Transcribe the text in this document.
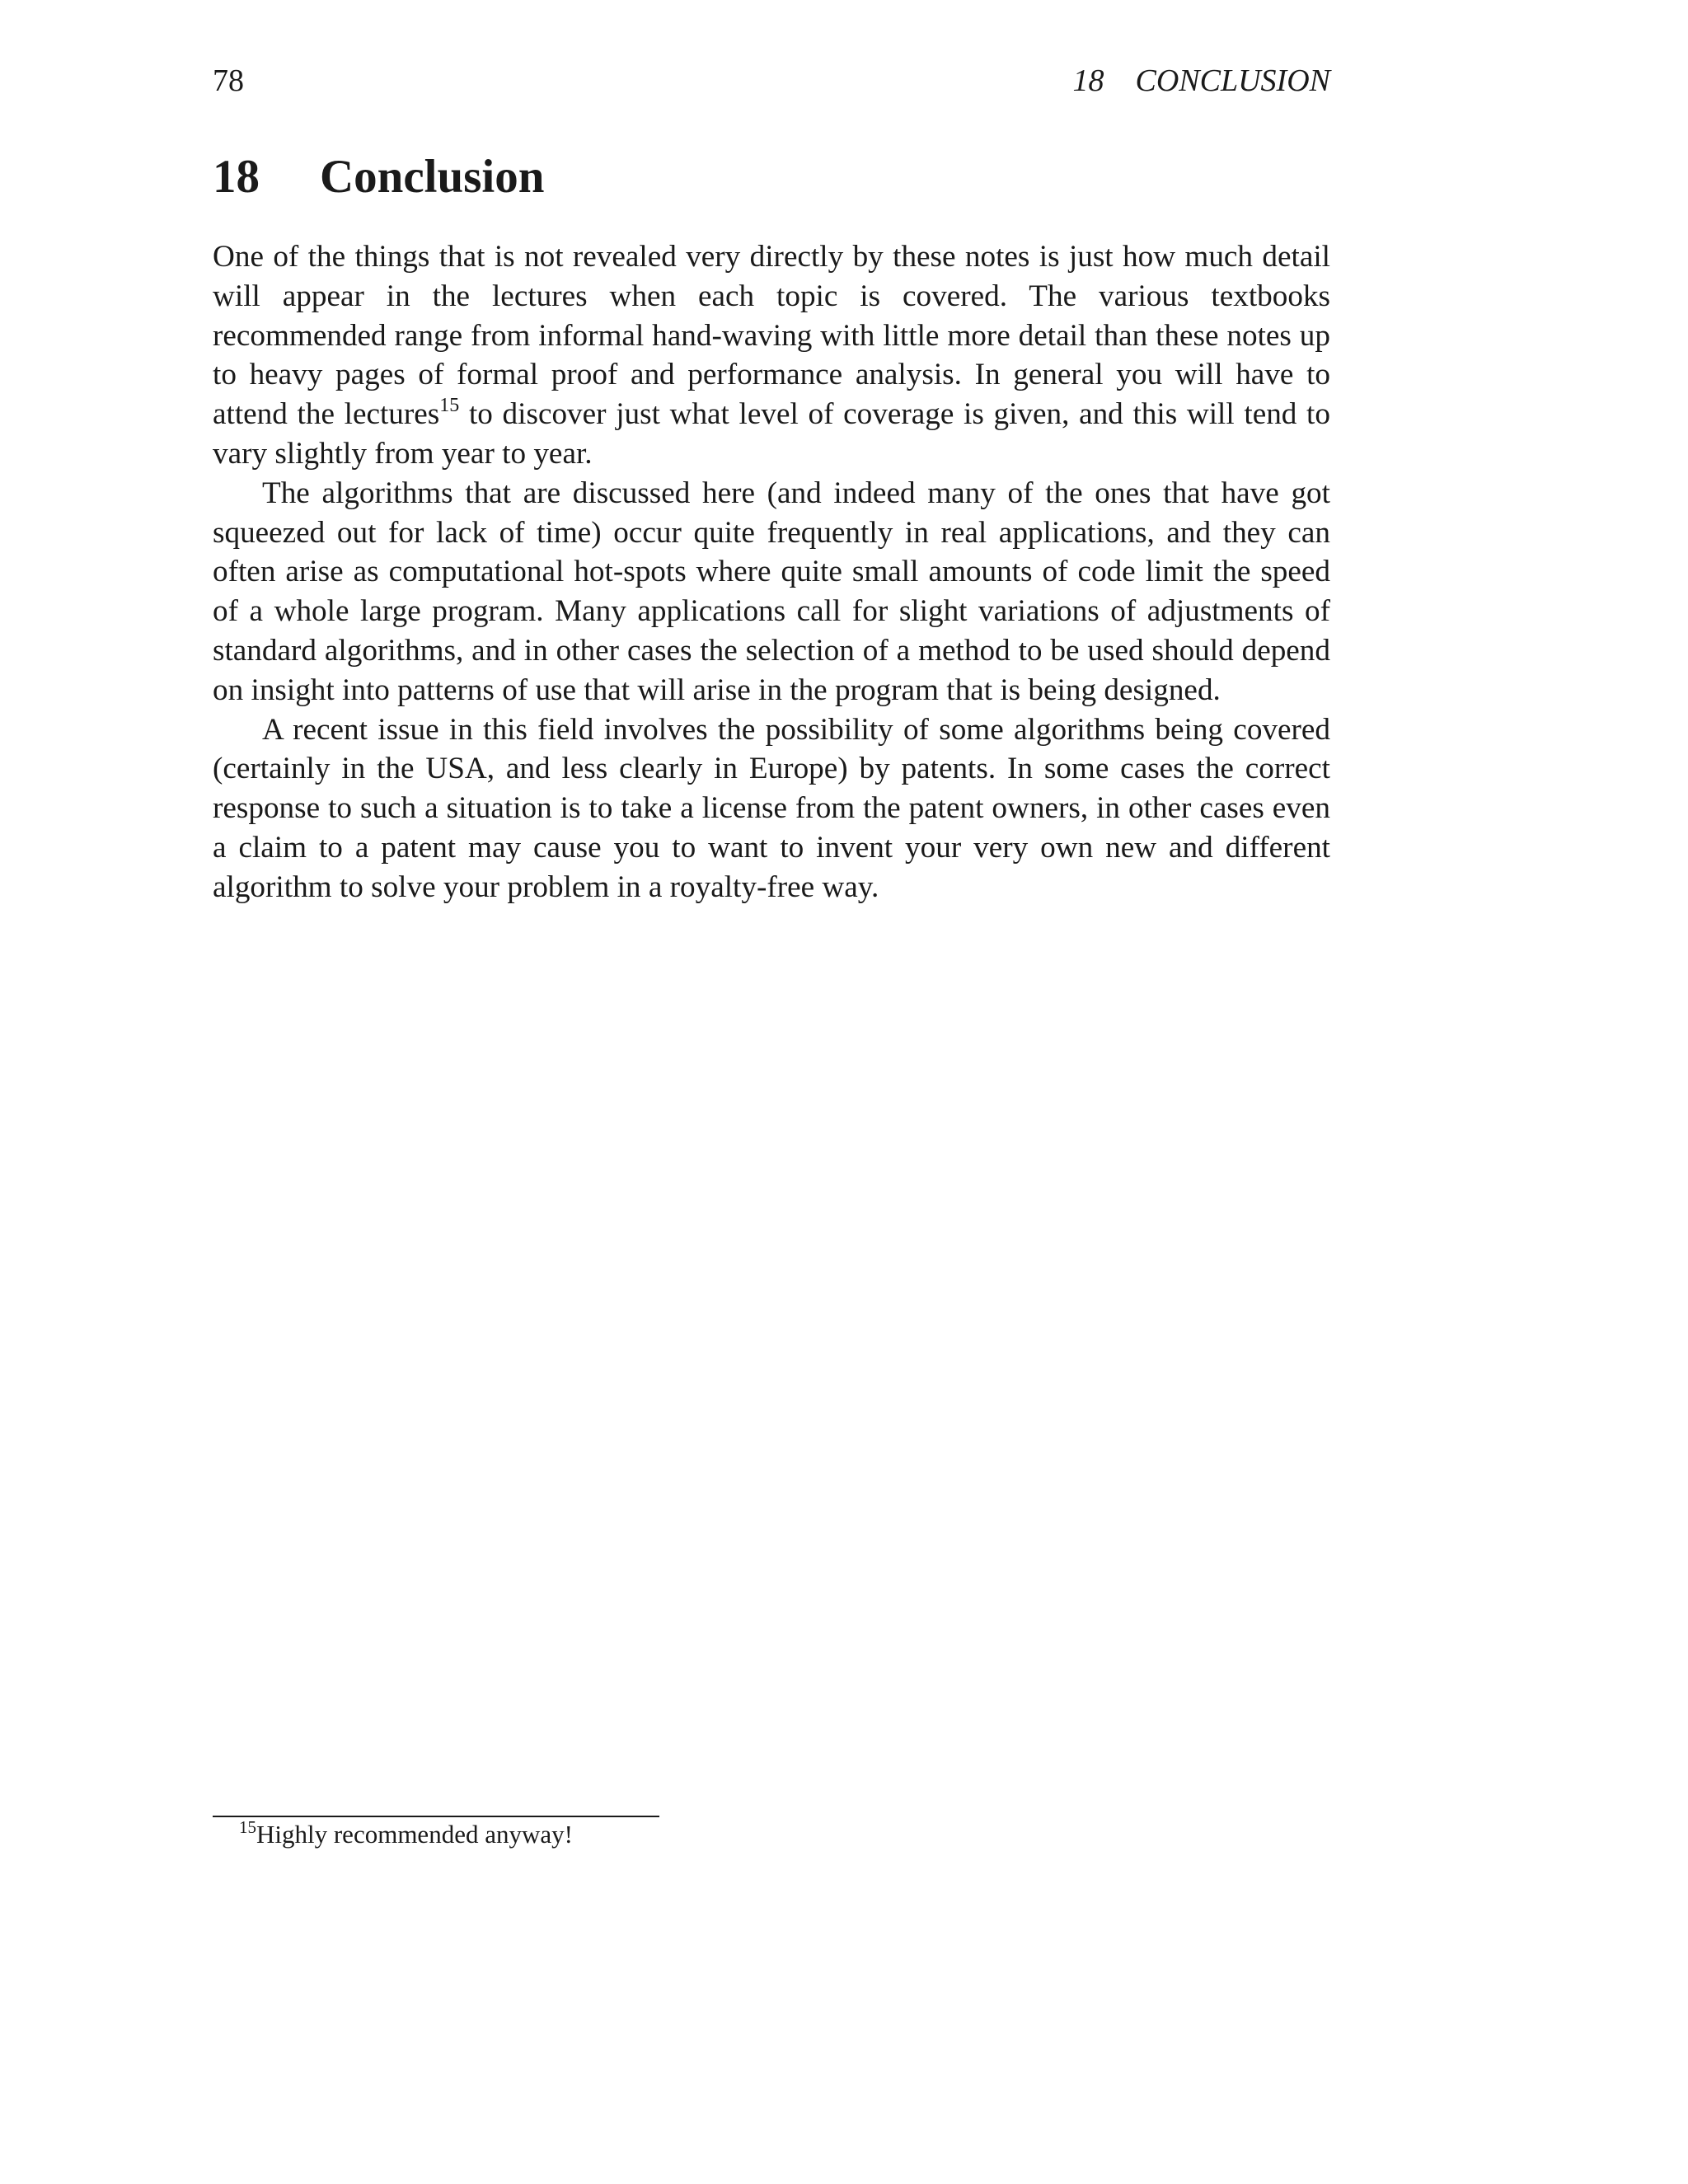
78	18    CONCLUSION
18 Conclusion

One of the things that is not revealed very directly by these notes is just how much detail will appear in the lectures when each topic is covered. The various textbooks recommended range from informal hand-waving with little more detail than these notes up to heavy pages of formal proof and performance analysis. In general you will have to attend the lectures$^{15}$ to discover just what level of coverage is given, and this will tend to vary slightly from year to year.

The algorithms that are discussed here (and indeed many of the ones that have got squeezed out for lack of time) occur quite frequently in real applications, and they can often arise as computational hot-spots where quite small amounts of code limit the speed of a whole large program. Many applications call for slight variations of adjustments of standard algorithms, and in other cases the selection of a method to be used should depend on insight into patterns of use that will arise in the program that is being designed.

A recent issue in this field involves the possibility of some algorithms being covered (certainly in the USA, and less clearly in Europe) by patents. In some cases the correct response to such a situation is to take a license from the patent owners, in other cases even a claim to a patent may cause you to want to invent your very own new and different algorithm to solve your problem in a royalty-free way.

$^{15}$Highly recommended anyway!
